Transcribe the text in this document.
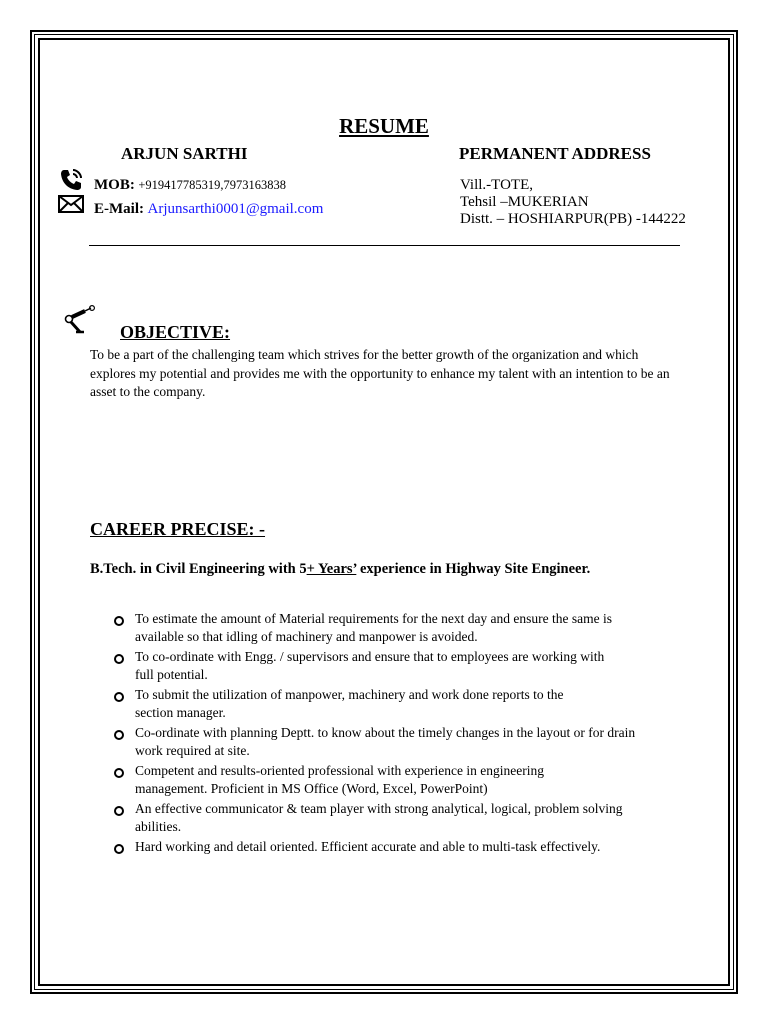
RESUME
ARJUN SARTHI	PERMANENT ADDRESS
MOB: +919417785319,7973163838
E-Mail: Arjunsarthi0001@gmail.com
Vill.-TOTE,
Tehsil –MUKERIAN
Distt. – HOSHIARPUR(PB) -144222
OBJECTIVE:
To be a part of the challenging team which strives for the better growth of the organization and which explores my potential and provides me with the opportunity to enhance my talent with an intention to be an asset to the company.
CAREER PRECISE: -
B.Tech. in Civil Engineering with 5+ Years’ experience in Highway Site Engineer.
To estimate the amount of Material requirements for the next day and ensure the same is available so that idling of machinery and manpower is avoided.
To co-ordinate with Engg. / supervisors and ensure that to employees are working with full potential.
To submit the utilization of manpower, machinery and work done reports to the section manager.
Co-ordinate with planning Deptt. to know about the timely changes in the layout or for drain work required at site.
Competent and results-oriented professional with experience in engineering management. Proficient in MS Office (Word, Excel, PowerPoint)
An effective communicator & team player with strong analytical, logical, problem solving abilities.
Hard working and detail oriented. Efficient accurate and able to multi-task effectively.
